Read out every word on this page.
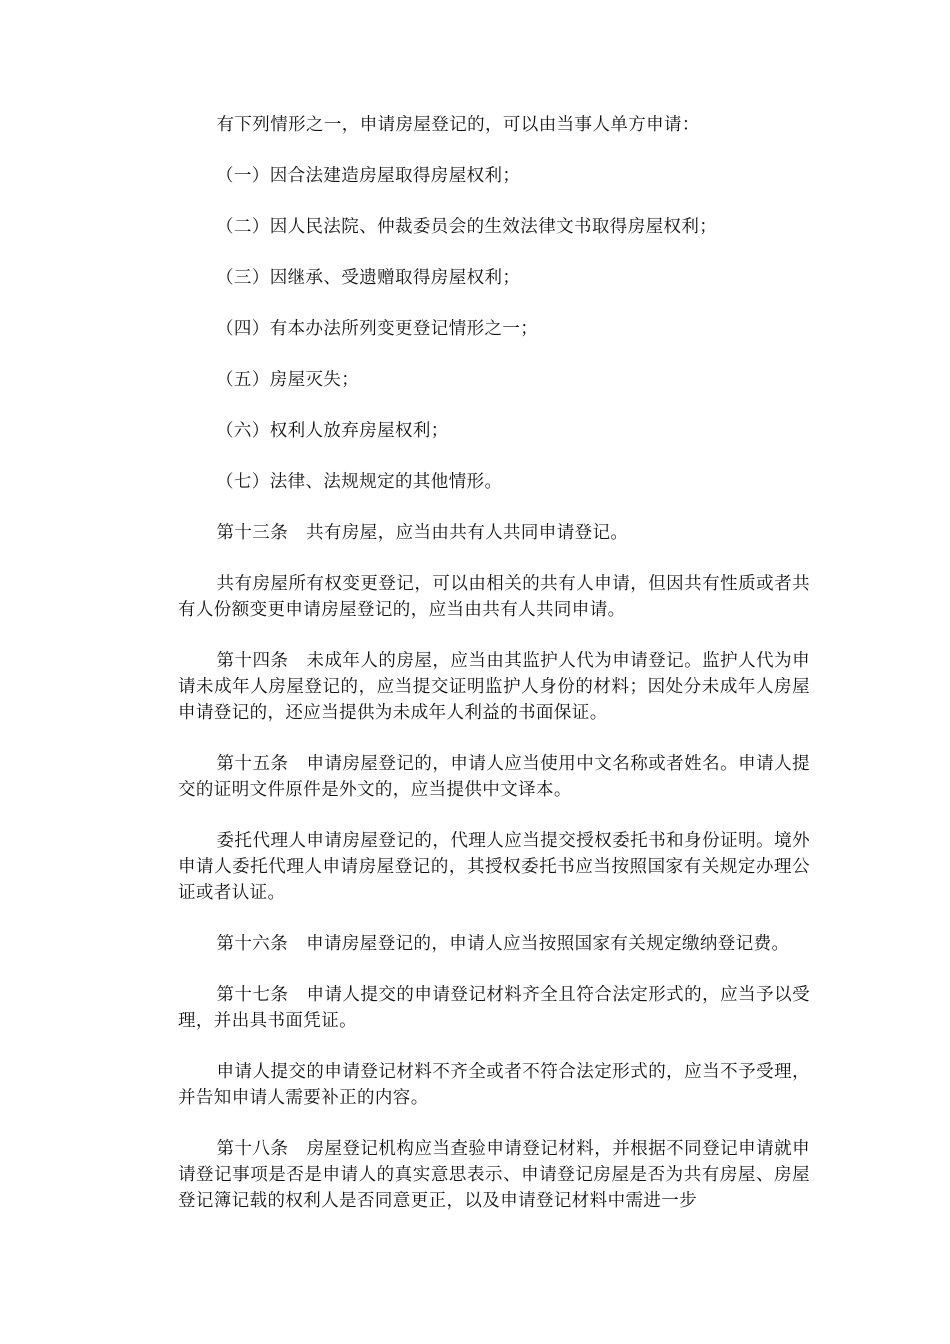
有下列情形之一，申请房屋登记的，可以由当事人单方申请：

（一）因合法建造房屋取得房屋权利；

（二）因人民法院、仲裁委员会的生效法律文书取得房屋权利；

（三）因继承、受遗赠取得房屋权利；

（四）有本办法所列变更登记情形之一；

（五）房屋灭失；

（六）权利人放弃房屋权利；

（七）法律、法规规定的其他情形。

第十三条 共有房屋，应当由共有人共同申请登记。

共有房屋所有权变更登记，可以由相关的共有人申请，但因共有性质或者共有人份额变更申请房屋登记的，应当由共有人共同申请。

第十四条 未成年人的房屋，应当由其监护人代为申请登记。监护人代为申请未成年人房屋登记的，应当提交证明监护人身份的材料；因处分未成年人房屋申请登记的，还应当提供为未成年人利益的书面保证。

第十五条 申请房屋登记的，申请人应当使用中文名称或者姓名。申请人提交的证明文件原件是外文的，应当提供中文译本。

委托代理人申请房屋登记的，代理人应当提交授权委托书和身份证明。境外申请人委托代理人申请房屋登记的，其授权委托书应当按照国家有关规定办理公证或者认证。

第十六条 申请房屋登记的，申请人应当按照国家有关规定缴纳登记费。

第十七条 申请人提交的申请登记材料齐全且符合法定形式的，应当予以受理，并出具书面凭证。

申请人提交的申请登记材料不齐全或者不符合法定形式的，应当不予受理，并告知申请人需要补正的内容。

第十八条 房屋登记机构应当查验申请登记材料，并根据不同登记申请就申请登记事项是否是申请人的真实意思表示、申请登记房屋是否为共有房屋、房屋登记簿记载的权利人是否同意更正，以及申请登记材料中需进一步
